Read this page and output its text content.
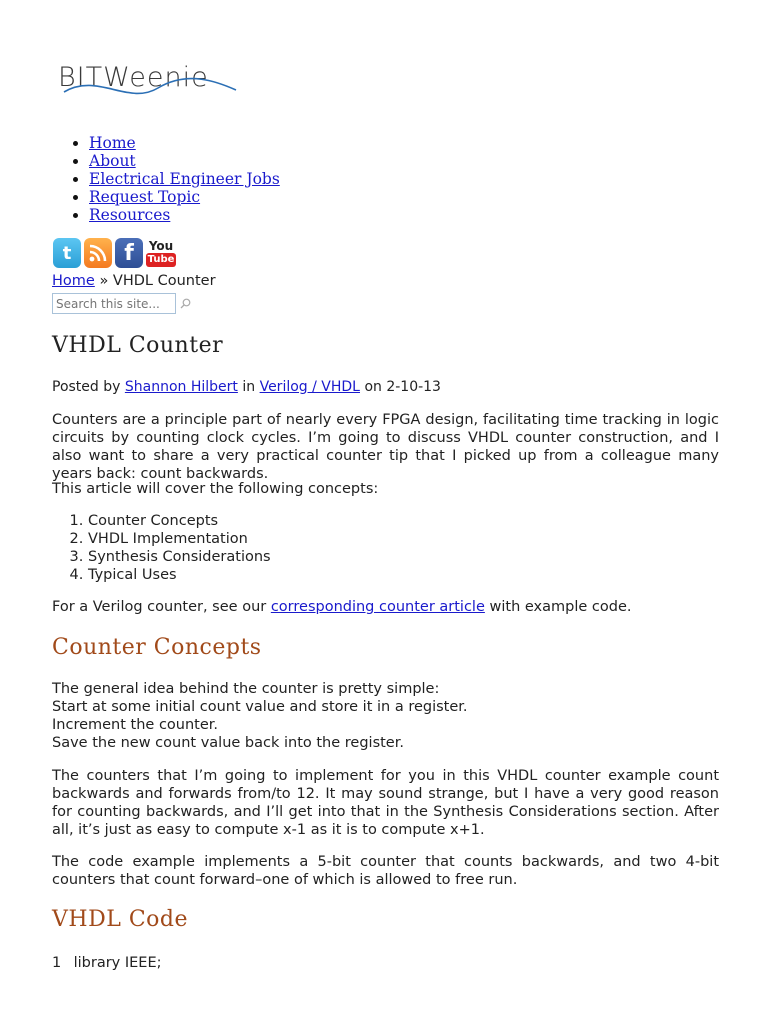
BITWeenie
• Home
• About
• Electrical Engineer Jobs
• Request Topic
• Resources
t	f	You
Tube
Home » VHDL Counter
Search this site...
VHDL Counter
Posted by Shannon Hilbert in Verilog / VHDL on 2-10-13

Counters are a principle part of nearly every FPGA design, facilitating time tracking in logic circuits by counting clock cycles. I’m going to discuss VHDL counter construction, and I also want to share a very practical counter tip that I picked up from a colleague many years back: count backwards.

This article will cover the following concepts:

1. Counter Concepts
2. VHDL Implementation
3. Synthesis Considerations
4. Typical Uses
For a Verilog counter, see our corresponding counter article with example code.
Counter Concepts
The general idea behind the counter is pretty simple:
Start at some initial count value and store it in a register.
Increment the counter.
Save the new count value back into the register.

The counters that I’m going to implement for you in this VHDL counter example count backwards and forwards from/to 12. It may sound strange, but I have a very good reason for counting backwards, and I’ll get into that in the Synthesis Considerations section. After all, it’s just as easy to compute x-1 as it is to compute x+1.

The code example implements a 5-bit counter that counts backwards, and two 4-bit counters that count forward–one of which is allowed to free run.

VHDL Code
1 library IEEE;
